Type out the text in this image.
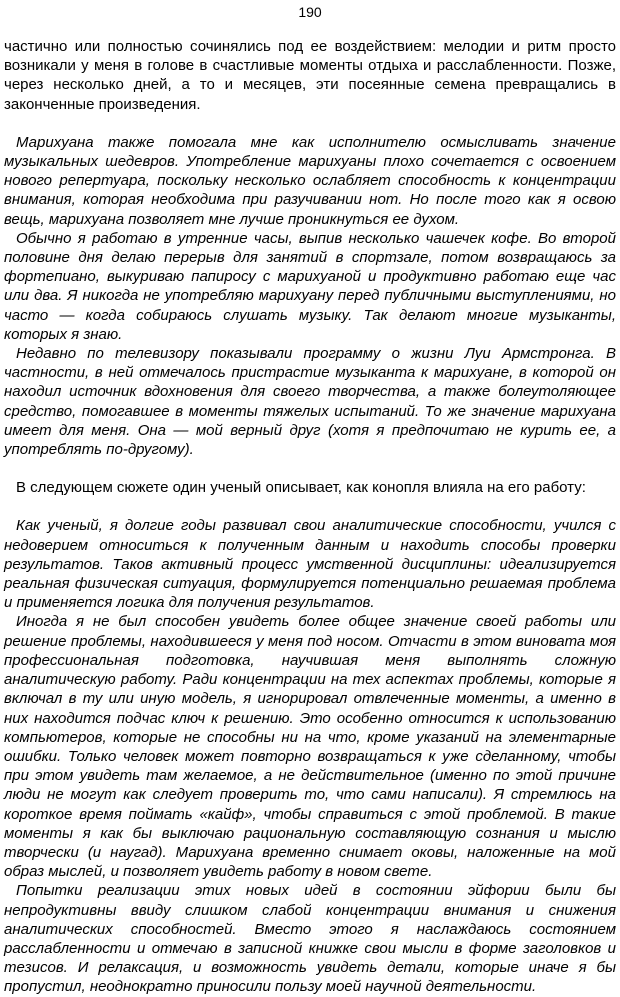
190

частично или полностью сочинялись под ее воздействием: мелодии и ритм просто возникали у меня в голове в счастливые моменты отдыха и расслабленности. Позже, через несколько дней, а то и месяцев, эти посеянные семена превращались в законченные произведения.

Марихуана также помогала мне как исполнителю осмысливать значение музыкальных шедевров. Употребление марихуаны плохо сочетается с освоением нового репертуара, поскольку несколько ослабляет способность к концентрации внимания, которая необходима при разучивании нот. Но после того как я освою вещь, марихуана позволяет мне лучше проникнуться ее духом.

Обычно я работаю в утренние часы, выпив несколько чашечек кофе. Во второй половине дня делаю перерыв для занятий в спортзале, потом возвращаюсь за фортепиано, выкуриваю папиросу с марихуаной и продуктивно работаю еще час или два. Я никогда не употребляю марихуану перед публичными выступлениями, но часто — когда собираюсь слушать музыку. Так делают многие музыканты, которых я знаю.

Недавно по телевизору показывали программу о жизни Луи Армстронга. В частности, в ней отмечалось пристрастие музыканта к марихуане, в которой он находил источник вдохновения для своего творчества, а также болеутоляющее средство, помогавшее в моменты тяжелых испытаний. То же значение марихуана имеет для меня. Она — мой верный друг (хотя я предпочитаю не курить ее, а употреблять по-другому).

В следующем сюжете один ученый описывает, как конопля влияла на его работу:

Как ученый, я долгие годы развивал свои аналитические способности, учился с недоверием относиться к полученным данным и находить способы проверки результатов. Таков активный процесс умственной дисциплины: идеализируется реальная физическая ситуация, формулируется потенциально решаемая проблема и применяется логика для получения результатов.

Иногда я не был способен увидеть более общее значение своей работы или решение проблемы, находившееся у меня под носом. Отчасти в этом виновата моя профессиональная подготовка, научившая меня выполнять сложную аналитическую работу. Ради концентрации на тех аспектах проблемы, которые я включал в ту или иную модель, я игнорировал отвлеченные моменты, а именно в них находится подчас ключ к решению. Это особенно относится к использованию компьютеров, которые не способны ни на что, кроме указаний на элементарные ошибки. Только человек может повторно возвращаться к уже сделанному, чтобы при этом увидеть там желаемое, а не действительное (именно по этой причине люди не могут как следует проверить то, что сами написали). Я стремлюсь на короткое время поймать «кайф», чтобы справиться с этой проблемой. В такие моменты я как бы выключаю рациональную составляющую сознания и мыслю творчески (и наугад). Марихуана временно снимает оковы, наложенные на мой образ мыслей, и позволяет увидеть работу в новом свете.

Попытки реализации этих новых идей в состоянии эйфории были бы непродуктивны ввиду слишком слабой концентрации внимания и снижения аналитических способностей. Вместо этого я наслаждаюсь состоянием расслабленности и отмечаю в записной книжке свои мысли в форме заголовков и тезисов. И релаксация, и возможность увидеть детали, которые иначе я бы пропустил, неоднократно приносили пользу моей научной деятельности.
